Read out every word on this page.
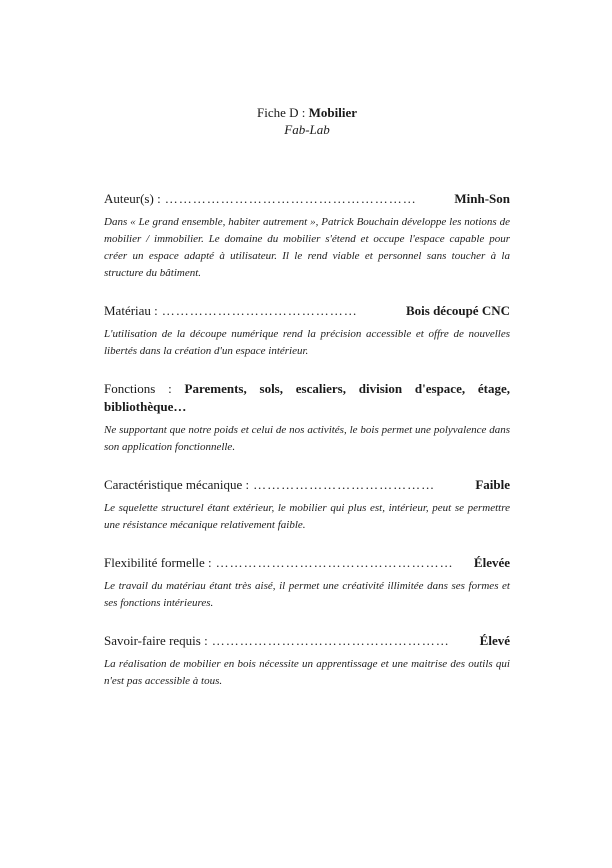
Fiche D : Mobilier
Fab-Lab
Auteur(s) : ………………………………………………	Minh-Son
Dans « Le grand ensemble, habiter autrement », Patrick Bouchain développe les notions de mobilier / immobilier. Le domaine du mobilier s'étend et occupe l'espace capable pour créer un espace adapté à utilisateur. Il le rend viable et personnel sans toucher à la structure du bâtiment.
Matériau : ……………………………………	Bois découpé CNC
L'utilisation de la découpe numérique rend la précision accessible et offre de nouvelles libertés dans la création d'un espace intérieur.
Fonctions : Parements, sols, escaliers, division d'espace, étage, bibliothèque…
Ne supportant que notre poids et celui de nos activités, le bois permet une polyvalence dans son application fonctionnelle.
Caractéristique mécanique : …………………………………	Faible
Le squelette structurel étant extérieur, le mobilier qui plus est, intérieur, peut se permettre une résistance mécanique relativement faible.
Flexibilité formelle : ……………………………………………	Élevée
Le travail du matériau étant très aisé, il permet une créativité illimitée dans ses formes et ses fonctions intérieures.
Savoir-faire requis : ……………………………………………	Élevé
La réalisation de mobilier en bois nécessite un apprentissage et une maitrise des outils qui n'est pas accessible à tous.
